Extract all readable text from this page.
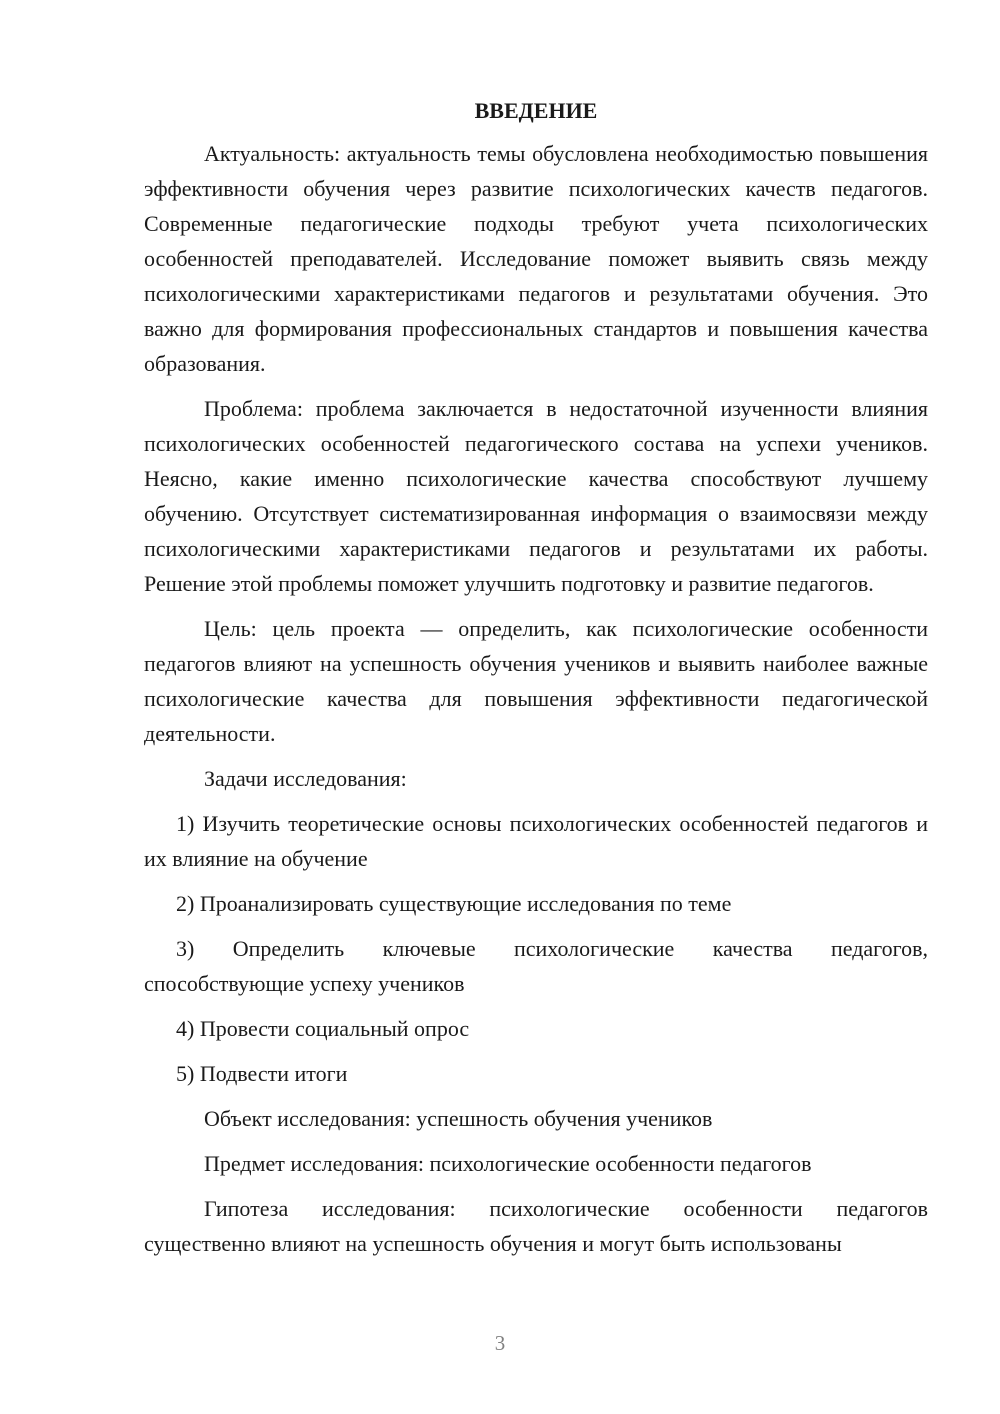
ВВЕДЕНИЕ

Актуальность: актуальность темы обусловлена необходимостью повышения эффективности обучения через развитие психологических качеств педагогов. Современные педагогические подходы требуют учета психологических особенностей преподавателей. Исследование поможет выявить связь между психологическими характеристиками педагогов и результатами обучения. Это важно для формирования профессиональных стандартов и повышения качества образования.

Проблема: проблема заключается в недостаточной изученности влияния психологических особенностей педагогического состава на успехи учеников. Неясно, какие именно психологические качества способствуют лучшему обучению. Отсутствует систематизированная информация о взаимосвязи между психологическими характеристиками педагогов и результатами их работы. Решение этой проблемы поможет улучшить подготовку и развитие педагогов.

Цель: цель проекта — определить, как психологические особенности педагогов влияют на успешность обучения учеников и выявить наиболее важные психологические качества для повышения эффективности педагогической деятельности.

Задачи исследования:

1) Изучить теоретические основы психологических особенностей педагогов и их влияние на обучение

2) Проанализировать существующие исследования по теме

3) Определить ключевые психологические качества педагогов, способствующие успеху учеников

4) Провести социальный опрос

5) Подвести итоги

Объект исследования: успешность обучения учеников

Предмет исследования: психологические особенности педагогов

Гипотеза исследования: психологические особенности педагогов существенно влияют на успешность обучения и могут быть использованы

3
